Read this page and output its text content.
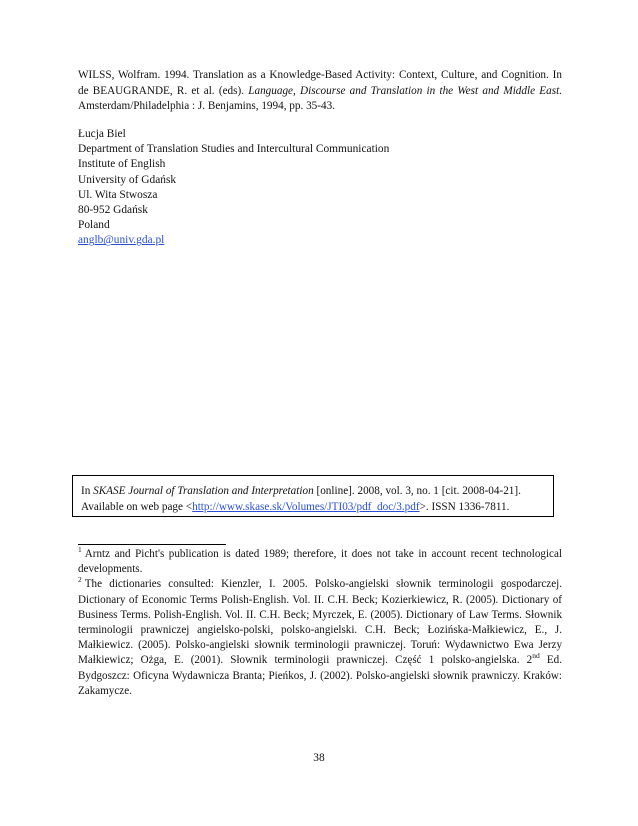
WILSS, Wolfram. 1994. Translation as a Knowledge-Based Activity: Context, Culture, and Cognition. In de BEAUGRANDE, R. et al. (eds). Language, Discourse and Translation in the West and Middle East. Amsterdam/Philadelphia : J. Benjamins, 1994, pp. 35-43.
Łucja Biel
Department of Translation Studies and Intercultural Communication
Institute of English
University of Gdańsk
Ul. Wita Stwosza
80-952 Gdańsk
Poland
anglb@univ.gda.pl
In SKASE Journal of Translation and Interpretation [online]. 2008, vol. 3, no. 1 [cit. 2008-04-21].
Available on web page <http://www.skase.sk/Volumes/JTI03/pdf_doc/3.pdf>. ISSN 1336-7811.

$^1$ Arntz and Picht's publication is dated 1989; therefore, it does not take in account recent technological developments.

$^2$ The dictionaries consulted: Kienzler, I. 2005. Polsko-angielski słownik terminologii gospodarczej. Dictionary of Economic Terms Polish-English. Vol. II. C.H. Beck; Kozierkiewicz, R. (2005). Dictionary of Business Terms. Polish-English. Vol. II. C.H. Beck; Myrczek, E. (2005). Dictionary of Law Terms. Słownik terminologii prawniczej angielsko-polski, polsko-angielski. C.H. Beck; Łozińska-Małkiewicz, E., J. Małkiewicz. (2005). Polsko-angielski słownik terminologii prawniczej. Toruń: Wydawnictwo Ewa Jerzy Małkiewicz; Ożga, E. (2001). Słownik terminologii prawniczej. Część 1 polsko-angielska. 2nd Ed. Bydgoszcz: Oficyna Wydawnicza Branta; Pieńkos, J. (2002). Polsko-angielski słownik prawniczy. Kraków: Zakamycze.

38
